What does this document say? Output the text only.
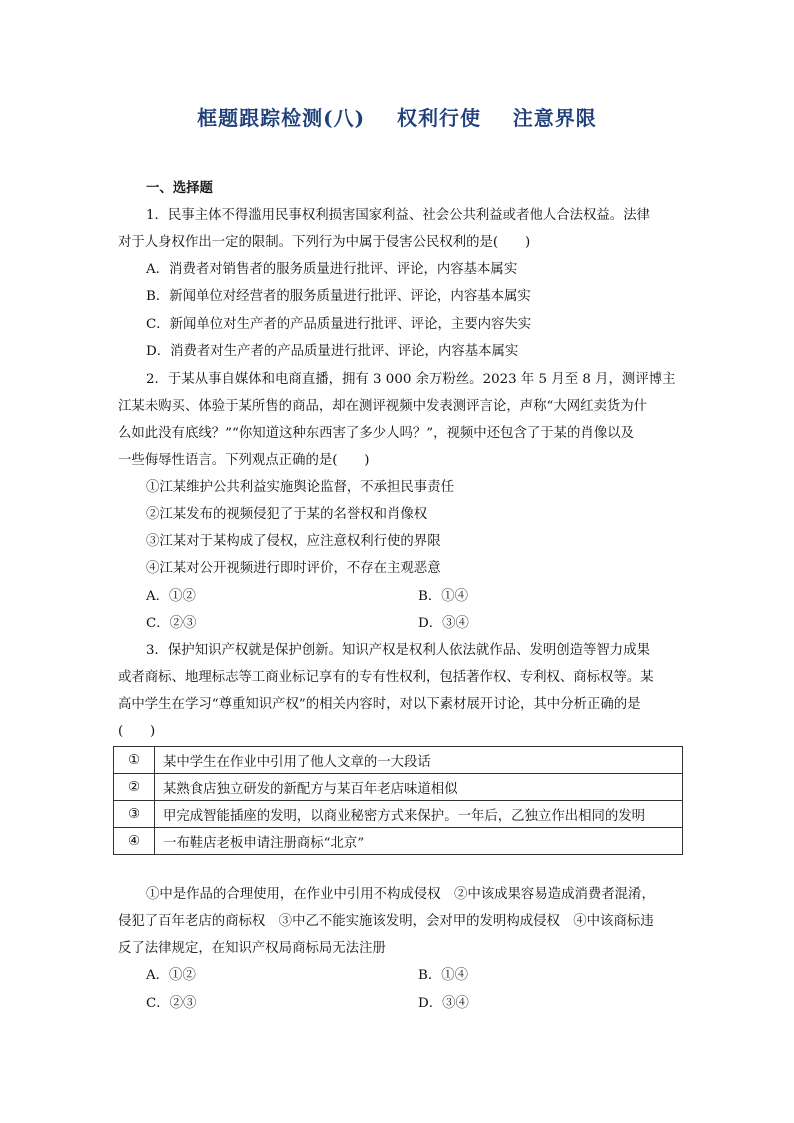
框题跟踪检测(八)    权利行使    注意界限
一、选择题
1．民事主体不得滥用民事权利损害国家利益、社会公共利益或者他人合法权益。法律
对于人身权作出一定的限制。下列行为中属于侵害公民权利的是(　　)
A．消费者对销售者的服务质量进行批评、评论，内容基本属实
B．新闻单位对经营者的服务质量进行批评、评论，内容基本属实
C．新闻单位对生产者的产品质量进行批评、评论，主要内容失实
D．消费者对生产者的产品质量进行批评、评论，内容基本属实
2．于某从事自媒体和电商直播，拥有 3 000 余万粉丝。2023 年 5 月至 8 月，测评博主
江某未购买、体验于某所售的商品，却在测评视频中发表测评言论，声称“大网红卖货为什
么如此没有底线？”“你知道这种东西害了多少人吗？”，视频中还包含了于某的肖像以及
一些侮辱性语言。下列观点正确的是(　　)
①江某维护公共利益实施舆论监督，不承担民事责任
②江某发布的视频侵犯了于某的名誉权和肖像权
③江某对于某构成了侵权，应注意权利行使的界限
④江某对公开视频进行即时评价，不存在主观恶意
A．①②	B．①④
C．②③	D．③④
3．保护知识产权就是保护创新。知识产权是权利人依法就作品、发明创造等智力成果
或者商标、地理标志等工商业标记享有的专有性权利，包括著作权、专利权、商标权等。某
高中学生在学习“尊重知识产权”的相关内容时，对以下素材展开讨论，其中分析正确的是
(　　)
①	某中学生在作业中引用了他人文章的一大段话
②	某熟食店独立研发的新配方与某百年老店味道相似
③	甲完成智能插座的发明，以商业秘密方式来保护。一年后，乙独立作出相同的发明
④	一布鞋店老板申请注册商标“北京”
①中是作品的合理使用，在作业中引用不构成侵权　②中该成果容易造成消费者混淆，
侵犯了百年老店的商标权　③中乙不能实施该发明，会对甲的发明构成侵权　④中该商标违
反了法律规定，在知识产权局商标局无法注册
A．①②	B．①④
C．②③	D．③④
